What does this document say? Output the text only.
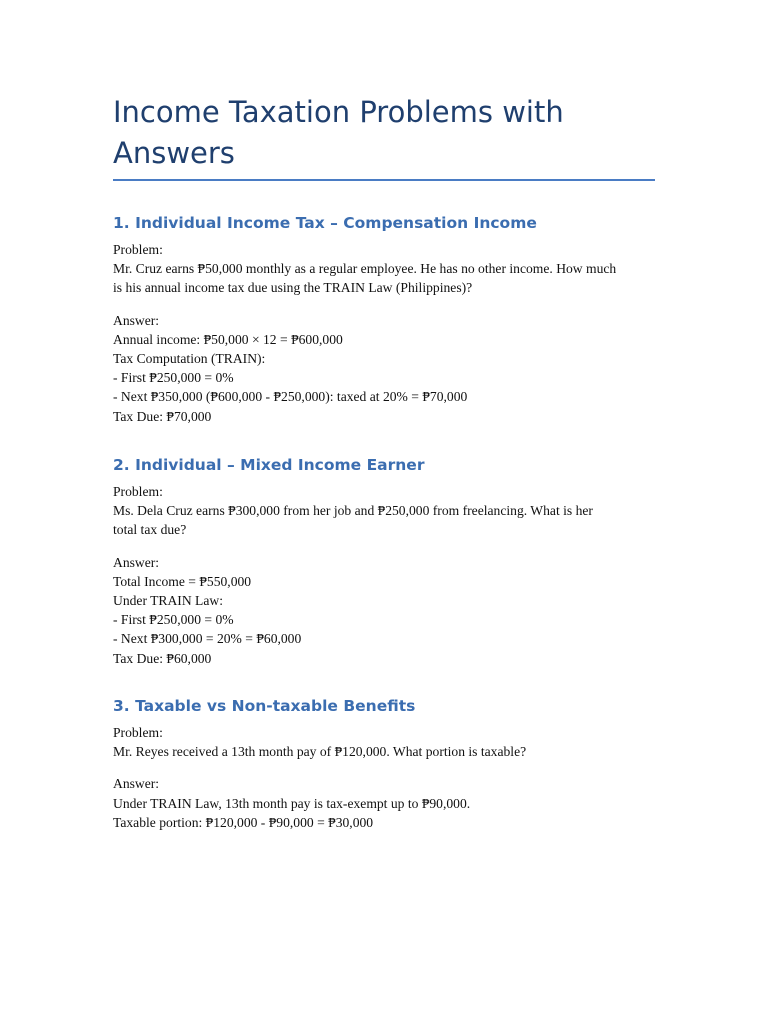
Income Taxation Problems with
Answers
1. Individual Income Tax – Compensation Income

Problem:
Mr. Cruz earns ₱50,000 monthly as a regular employee. He has no other income. How much
is his annual income tax due using the TRAIN Law (Philippines)?

Answer:
Annual income: ₱50,000 × 12 = ₱600,000
Tax Computation (TRAIN):
- First ₱250,000 = 0%
- Next ₱350,000 (₱600,000 - ₱250,000): taxed at 20% = ₱70,000
Tax Due: ₱70,000

2. Individual – Mixed Income Earner

Problem:
Ms. Dela Cruz earns ₱300,000 from her job and ₱250,000 from freelancing. What is her
total tax due?

Answer:
Total Income = ₱550,000
Under TRAIN Law:
- First ₱250,000 = 0%
- Next ₱300,000 = 20% = ₱60,000
Tax Due: ₱60,000

3. Taxable vs Non-taxable Benefits

Problem:
Mr. Reyes received a 13th month pay of ₱120,000. What portion is taxable?

Answer:
Under TRAIN Law, 13th month pay is tax-exempt up to ₱90,000.
Taxable portion: ₱120,000 - ₱90,000 = ₱30,000
